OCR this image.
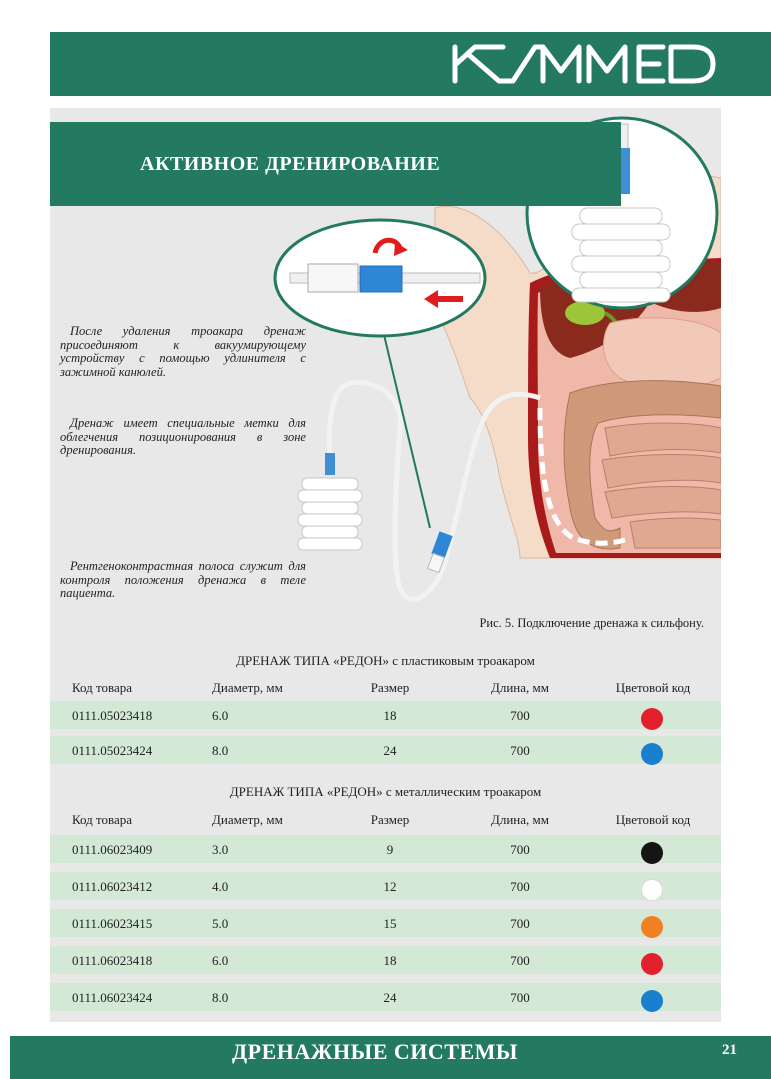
АКТИВНОЕ ДРЕНИРОВАНИЕ

После удаления троакара дренаж присоединяют к вакуумирующему устройству с помощью удлинителя с зажимной канюлей.

Дренаж имеет специальные метки для облегчения позиционирования в зоне дренирования.

Рентгеноконтрастная полоса служит для контроля положения дренажа в теле пациента.

Рис. 5. Подключение дренажа к сильфону.
ДРЕНАЖ ТИПА «РЕДОН» с пластиковым троакаром
Код товара	Диаметр, мм	Размер	Длина, мм	Цветовой код
0111.05023418	6.0	18	700
0111.05023424	8.0	24	700
ДРЕНАЖ ТИПА «РЕДОН» с металлическим троакаром
Код товара	Диаметр, мм	Размер	Длина, мм	Цветовой код
0111.06023409	3.0	9	700
0111.06023412	4.0	12	700
0111.06023415	5.0	15	700
0111.06023418	6.0	18	700
0111.06023424	8.0	24	700
ДРЕНАЖНЫЕ СИСТЕМЫ	21
